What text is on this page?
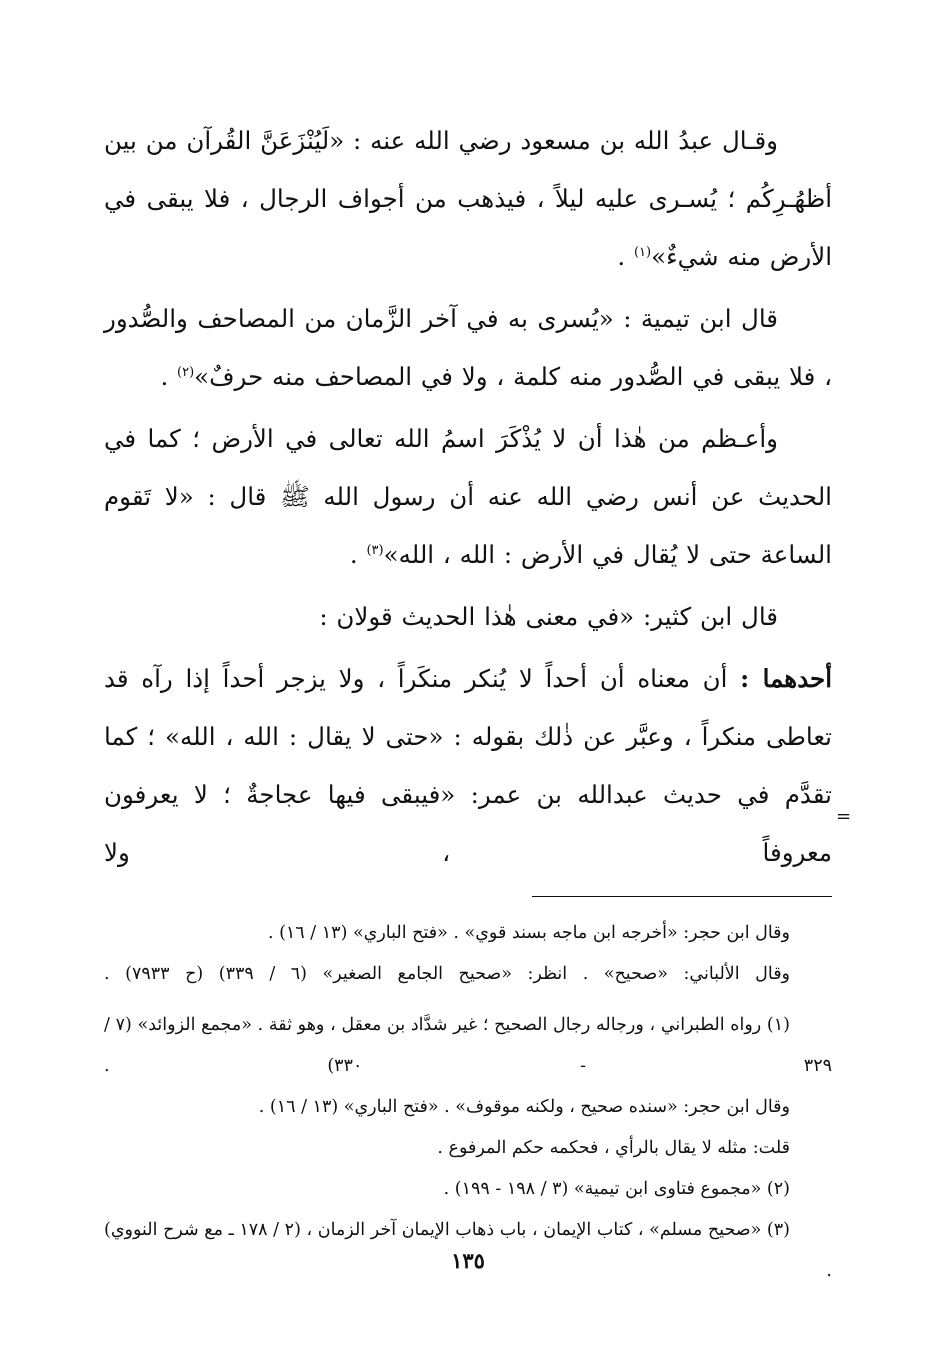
وقـال عبدُ الله بن مسعود رضي الله عنه : «لَيُنْزَعَنَّ القُرآن من بين أظهُـرِكُم ؛ يُسـرى عليه ليلاً ، فيذهب من أجواف الرجال ، فلا يبقى في الأرض منه شيءٌ»$^{(١)}$ .

قال ابن تيمية : «يُسرى به في آخر الزَّمان من المصاحف والصُّدور ، فلا يبقى في الصُّدور منه كلمة ، ولا في المصاحف منه حرفٌ»$^{(٢)}$ .

وأعـظم من هٰذا أن لا يُذْكَرَ اسمُ الله تعالى في الأرض ؛ كما في الحديث عن أنس رضي الله عنه أن رسول الله ﷺ قال : «لا تَقوم الساعة حتى لا يُقال في الأرض : الله ، الله»$^{(٣)}$ .

قال ابن كثير: «في معنى هٰذا الحديث قولان :

أحدهما : أن معناه أن أحداً لا يُنكر منكَراً ، ولا يزجر أحداً إذا رآه قد تعاطى منكراً ، وعبَّر عن ذٰلك بقوله : «حتى لا يقال : الله ، الله» ؛ كما تقدَّم في حديث عبدالله بن عمر: «فيبقى فيها عجاجةٌ ؛ لا يعرفون معروفاً ، ولا

وقال ابن حجر: «أخرجه ابن ماجه بسند قوي» . «فتح الباري» (١٣ / ١٦) .

وقال الألباني: «صحيح» . انظر: «صحيح الجامع الصغير» (٦ / ٣٣٩) (ح ٧٩٣٣) .

(١) رواه الطبراني ، ورجاله رجال الصحيح ؛ غير شدَّاد بن معقل ، وهو ثقة . «مجمع الزوائد» (٧ / ٣٢٩ - ٣٣٠) .

وقال ابن حجر: «سنده صحيح ، ولكنه موقوف» . «فتح الباري» (١٣ / ١٦) .

قلت: مثله لا يقال بالرأي ، فحكمه حكم المرفوع .

(٢) «مجموع فتاوى ابن تيمية» (٣ / ١٩٨ - ١٩٩) .

(٣) «صحيح مسلم» ، كتاب الإيمان ، باب ذهاب الإيمان آخر الزمان ، (٢ / ١٧٨ ـ مع شرح النووي) .

=
١٣٥
